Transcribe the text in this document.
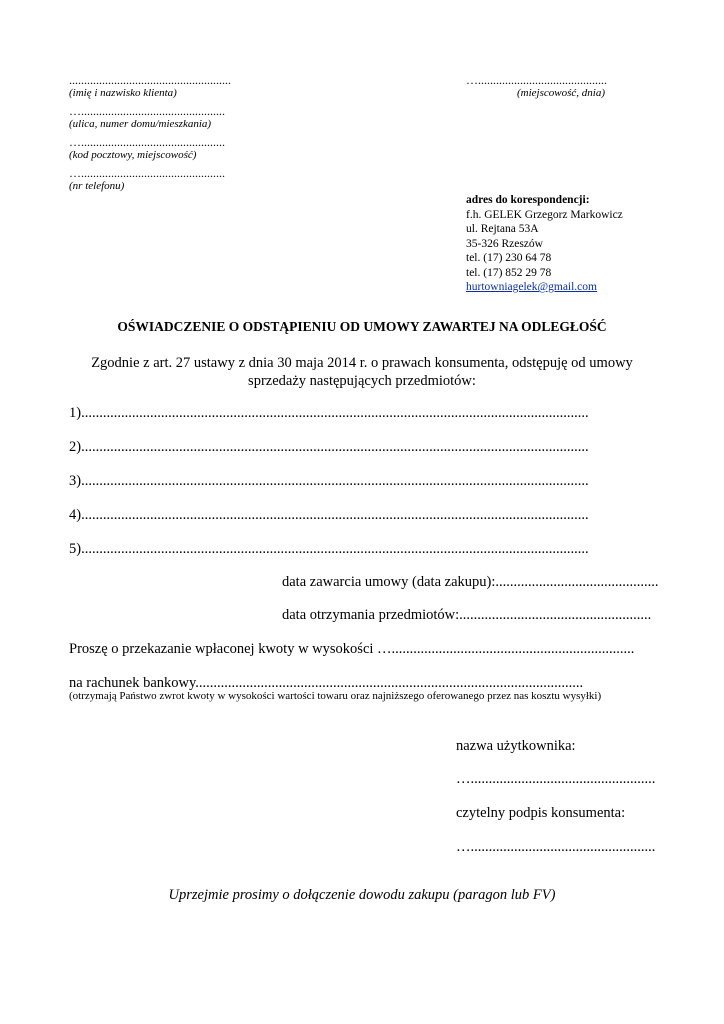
......................................................
(imię i nazwisko klienta)
…................................................
(ulica, numer domu/mieszkania)
…................................................
(kod pocztowy, miejscowość)
…................................................
(nr telefonu)
…...........................................
(miejscowość, dnia)
adres do korespondencji:
f.h. GELEK Grzegorz Markowicz
ul. Rejtana 53A
35-326 Rzeszów
tel. (17) 230 64 78
tel. (17) 852 29 78
hurtowniagelek@gmail.com
OŚWIADCZENIE O ODSTĄPIENIU OD UMOWY ZAWARTEJ NA ODLEGŁOŚĆ
Zgodnie z art. 27 ustawy z dnia 30 maja 2014 r. o prawach konsumenta, odstępuję od umowy
sprzedaży następujących przedmiotów:
1)............................................................................................................................................
2)............................................................................................................................................
3)............................................................................................................................................
4)............................................................................................................................................
5)............................................................................................................................................
data zawarcia umowy (data zakupu):.............................................
data otrzymania przedmiotów:.....................................................
Proszę o przekazanie wpłaconej kwoty w wysokości …...................................................................
na rachunek bankowy...........................................................................................................
(otrzymają Państwo zwrot kwoty w wysokości wartości towaru oraz najniższego oferowanego przez nas kosztu wysyłki)
nazwa użytkownika:
…...................................................
czytelny podpis konsumenta:
…...................................................
Uprzejmie prosimy o dołączenie dowodu zakupu (paragon lub FV)
